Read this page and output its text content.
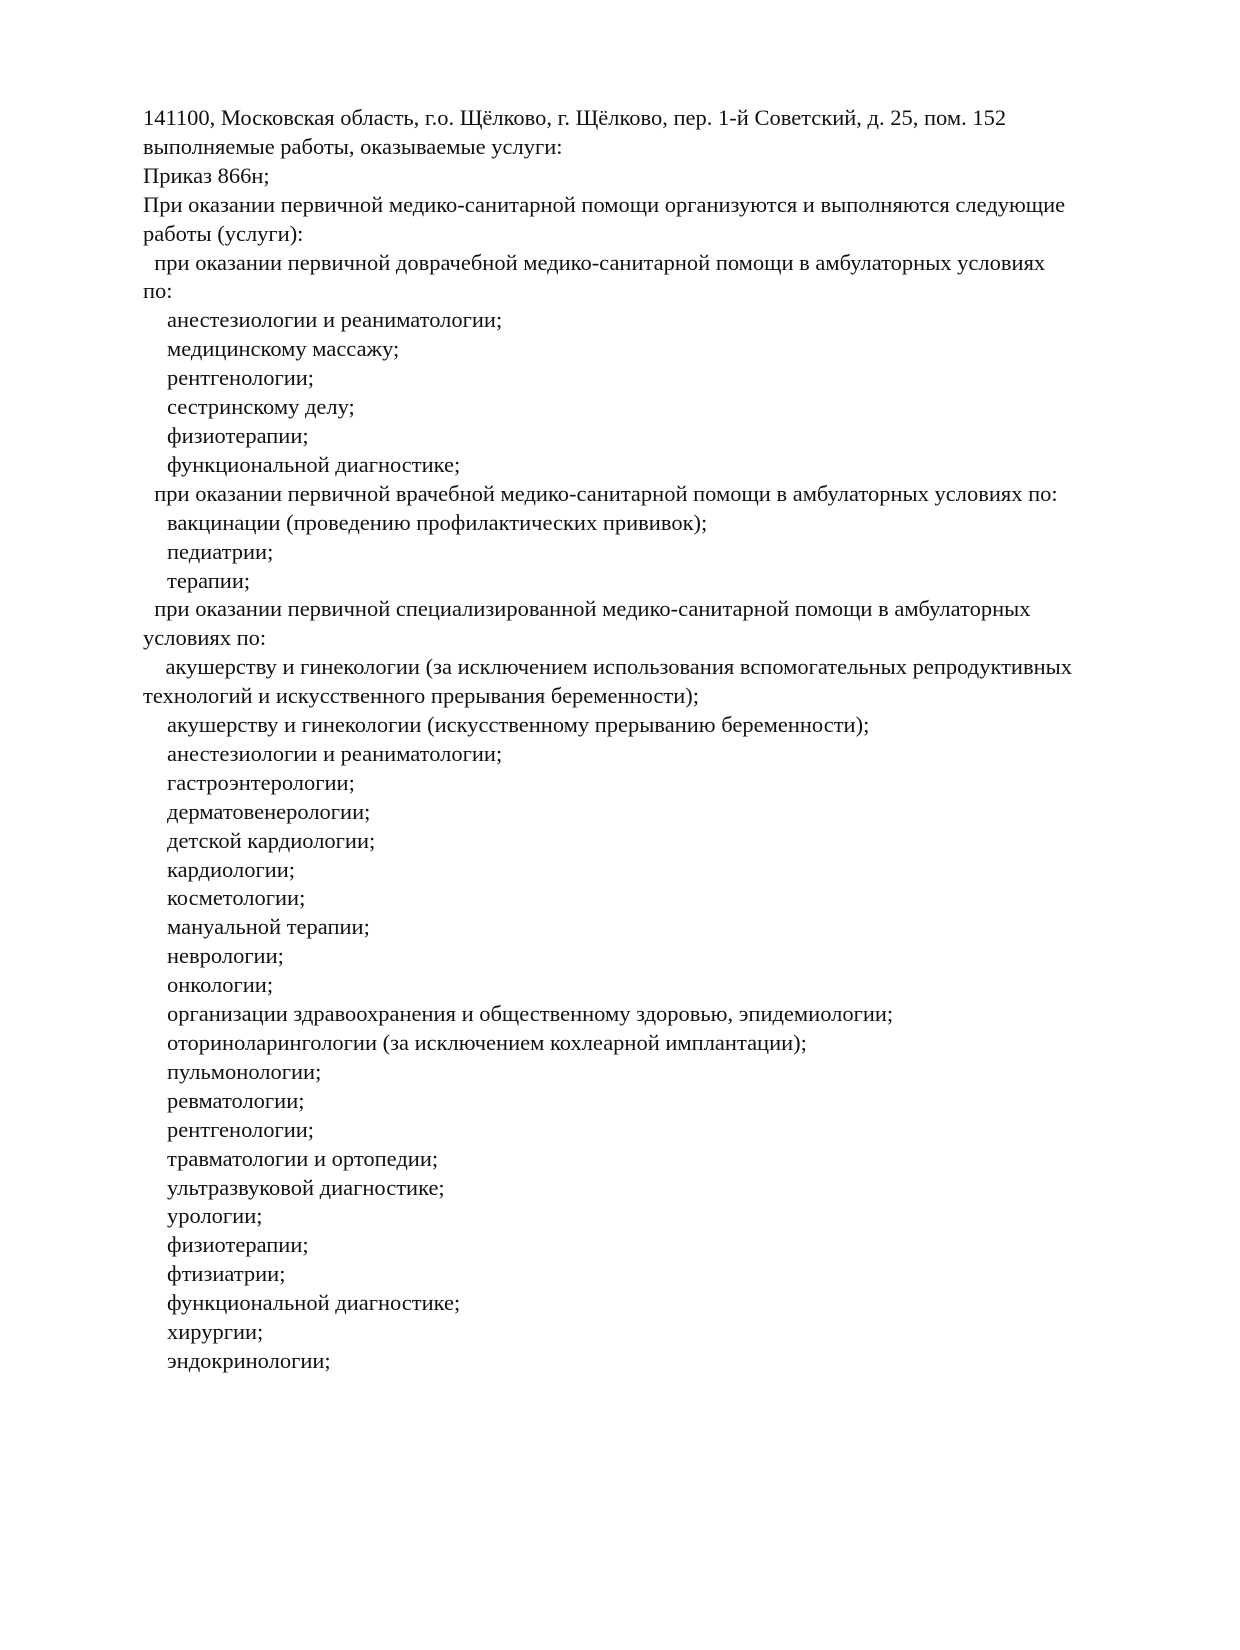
141100, Московская область, г.о. Щёлково, г. Щёлково, пер. 1-й Советский, д. 25, пом. 152
выполняемые работы, оказываемые услуги:
Приказ 866н;
При оказании первичной медико-санитарной помощи организуются и выполняются следующие
работы (услуги):
при оказании первичной доврачебной медико-санитарной помощи в амбулаторных условиях
по:
анестезиологии и реаниматологии;
медицинскому массажу;
рентгенологии;
сестринскому делу;
физиотерапии;
функциональной диагностике;
при оказании первичной врачебной медико-санитарной помощи в амбулаторных условиях по:
вакцинации (проведению профилактических прививок);
педиатрии;
терапии;
при оказании первичной специализированной медико-санитарной помощи в амбулаторных
условиях по:
акушерству и гинекологии (за исключением использования вспомогательных репродуктивных
технологий и искусственного прерывания беременности);
акушерству и гинекологии (искусственному прерыванию беременности);
анестезиологии и реаниматологии;
гастроэнтерологии;
дерматовенерологии;
детской кардиологии;
кардиологии;
косметологии;
мануальной терапии;
неврологии;
онкологии;
организации здравоохранения и общественному здоровью, эпидемиологии;
оториноларингологии (за исключением кохлеарной имплантации);
пульмонологии;
ревматологии;
рентгенологии;
травматологии и ортопедии;
ультразвуковой диагностике;
урологии;
физиотерапии;
фтизиатрии;
функциональной диагностике;
хирургии;
эндокринологии;
